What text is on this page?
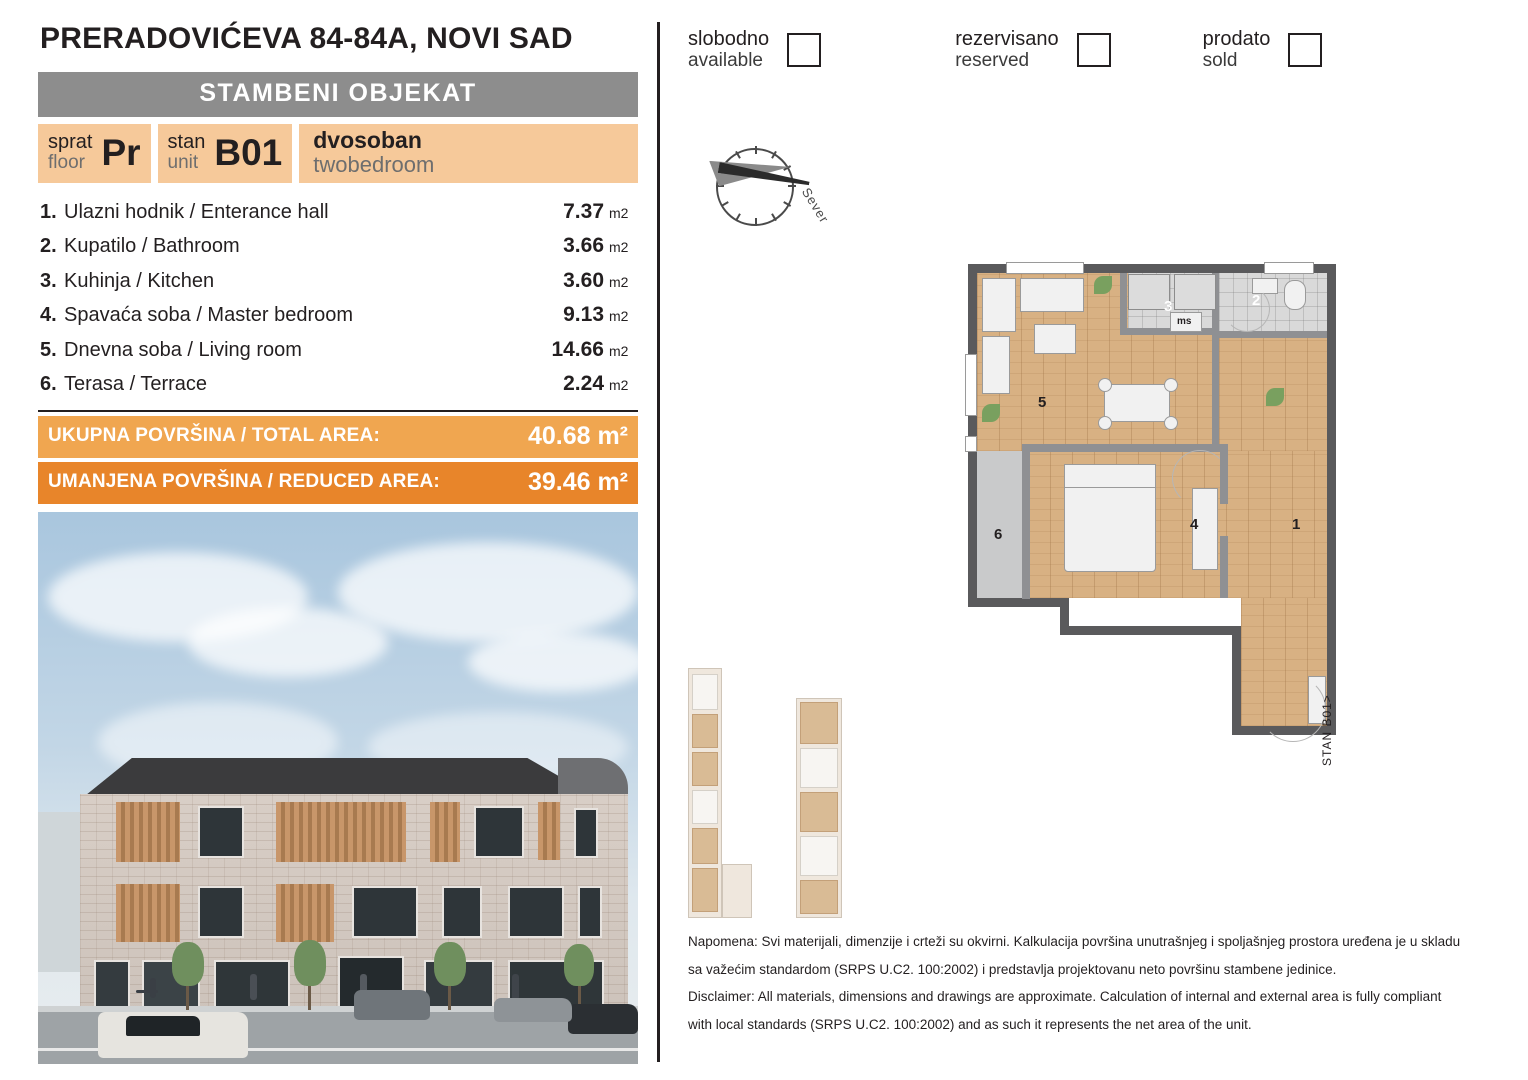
PRERADOVIĆEVA 84-84A, NOVI SAD
STAMBENI OBJEKAT
sprat
floor Pr stan
unit B01 dvosoban
twobedroom
1. Ulazni hodnik / Enterance hall	7.37 m2
2. Kupatilo / Bathroom	3.66 m2
3. Kuhinja / Kitchen	3.60 m2
4. Spavaća soba / Master bedroom	9.13 m2
5. Dnevna soba / Living room	14.66 m2
6. Terasa / Terrace	2.24 m2
UKUPNA POVRŠINA / TOTAL AREA:	40.68 m²
UMANJENA POVRŠINA / REDUCED AREA:	39.46 m²
slobodno
available
rezervisano
reserved
prodato
sold
Sever
ms
1
2
3
4
5
6
STAN B01>

Napomena: Svi materijali, dimenzije i crteži su okvirni. Kalkulacija površina unutrašnjeg i spoljašnjeg prostora uređena je u skladu

sa važećim standardom (SRPS U.C2. 100:2002) i predstavlja projektovanu neto površinu stambene jedinice.

Disclaimer: All materials, dimensions and drawings are approximate. Calculation of internal and external area is fully compliant

with local standards (SRPS U.C2. 100:2002) and as such it represents the net area of the unit.
